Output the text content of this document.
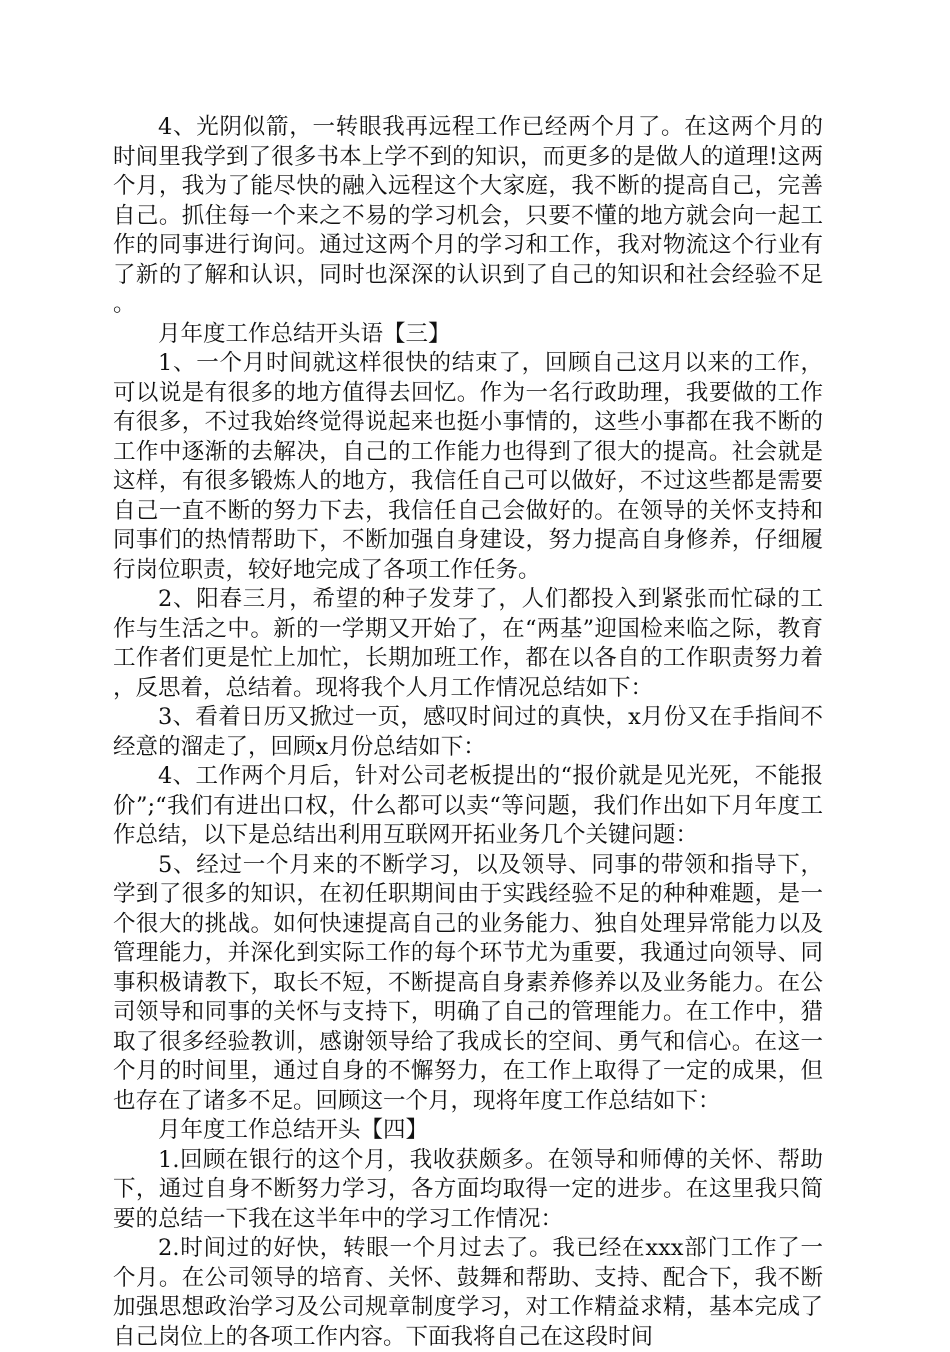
4、光阴似箭，一转眼我再远程工作已经两个月了。在这两个月的时间里我学到了很多书本上学不到的知识，而更多的是做人的道理!这两个月，我为了能尽快的融入远程这个大家庭，我不断的提高自己，完善自己。抓住每一个来之不易的学习机会，只要不懂的地方就会向一起工作的同事进行询问。通过这两个月的学习和工作，我对物流这个行业有了新的了解和认识，同时也深深的认识到了自己的知识和社会经验不足。

月年度工作总结开头语【三】

1、一个月时间就这样很快的结束了，回顾自己这月以来的工作，可以说是有很多的地方值得去回忆。作为一名行政助理，我要做的工作有很多，不过我始终觉得说起来也挺小事情的，这些小事都在我不断的工作中逐渐的去解决，自己的工作能力也得到了很大的提高。社会就是这样，有很多锻炼人的地方，我信任自己可以做好，不过这些都是需要自己一直不断的努力下去，我信任自己会做好的。在领导的关怀支持和同事们的热情帮助下，不断加强自身建设，努力提高自身修养，仔细履行岗位职责，较好地完成了各项工作任务。

2、阳春三月，希望的种子发芽了，人们都投入到紧张而忙碌的工作与生活之中。新的一学期又开始了，在“两基”迎国检来临之际，教育工作者们更是忙上加忙，长期加班工作，都在以各自的工作职责努力着，反思着，总结着。现将我个人月工作情况总结如下：

3、看着日历又掀过一页，感叹时间过的真快，x月份又在手指间不经意的溜走了，回顾x月份总结如下：

4、工作两个月后，针对公司老板提出的“报价就是见光死，不能报价”;“我们有进出口权，什么都可以卖“等问题，我们作出如下月年度工作总结，以下是总结出利用互联网开拓业务几个关键问题：

5、经过一个月来的不断学习，以及领导、同事的带领和指导下，学到了很多的知识，在初任职期间由于实践经验不足的种种难题，是一个很大的挑战。如何快速提高自己的业务能力、独自处理异常能力以及管理能力，并深化到实际工作的每个环节尤为重要，我通过向领导、同事积极请教下，取长不短，不断提高自身素养修养以及业务能力。在公司领导和同事的关怀与支持下，明确了自己的管理能力。在工作中，猎取了很多经验教训，感谢领导给了我成长的空间、勇气和信心。在这一个月的时间里，通过自身的不懈努力，在工作上取得了一定的成果，但也存在了诸多不足。回顾这一个月，现将年度工作总结如下：

月年度工作总结开头【四】

1.回顾在银行的这个月，我收获颇多。在领导和师傅的关怀、帮助下，通过自身不断努力学习，各方面均取得一定的进步。在这里我只简要的总结一下我在这半年中的学习工作情况：

2.时间过的好快，转眼一个月过去了。我已经在xxx部门工作了一个月。在公司领导的培育、关怀、鼓舞和帮助、支持、配合下，我不断加强思想政治学习及公司规章制度学习，对工作精益求精，基本完成了自己岗位上的各项工作内容。下面我将自己在这段时间
